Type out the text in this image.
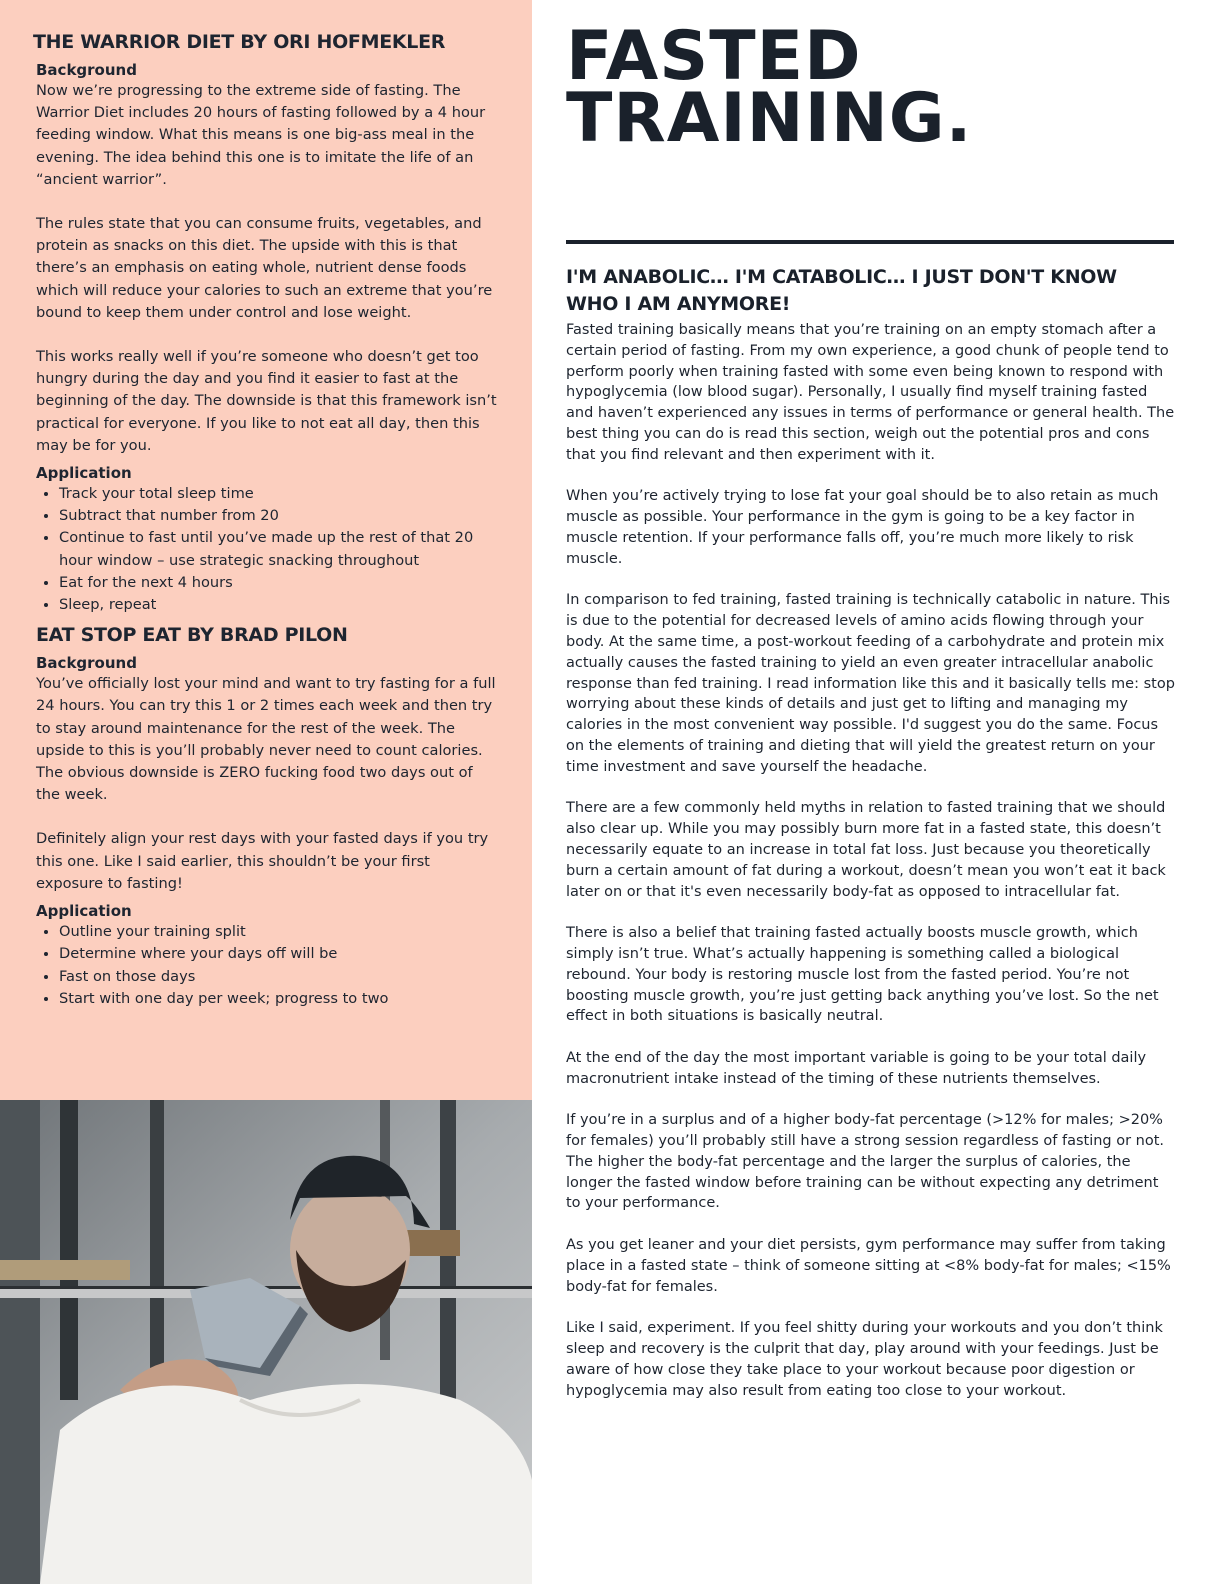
THE WARRIOR DIET BY ORI HOFMEKLER
Background

Now we’re progressing to the extreme side of fasting. The Warrior Diet includes 20 hours of fasting followed by a 4 hour feeding window. What this means is one big-ass meal in the evening. The idea behind this one is to imitate the life of an “ancient warrior”.

The rules state that you can consume fruits, vegetables, and protein as snacks on this diet. The upside with this is that there’s an emphasis on eating whole, nutrient dense foods which will reduce your calories to such an extreme that you’re bound to keep them under control and lose weight.

This works really well if you’re someone who doesn’t get too hungry during the day and you find it easier to fast at the beginning of the day. The downside is that this framework isn’t practical for everyone. If you like to not eat all day, then this may be for you.

Application
• Track your total sleep time
• Subtract that number from 20
• Continue to fast until you’ve made up the rest of that 20 hour window – use strategic snacking throughout
• Eat for the next 4 hours
• Sleep, repeat
EAT STOP EAT BY BRAD PILON
Background

You’ve officially lost your mind and want to try fasting for a full 24 hours. You can try this 1 or 2 times each week and then try to stay around maintenance for the rest of the week. The upside to this is you’ll probably never need to count calories. The obvious downside is ZERO fucking food two days out of the week.

Definitely align your rest days with your fasted days if you try this one. Like I said earlier, this shouldn’t be your first exposure to fasting!

Application
• Outline your training split
• Determine where your days off will be
• Fast on those days
• Start with one day per week; progress to two
FASTED
TRAINING.
I'M ANABOLIC… I'M CATABOLIC… I JUST DON'T KNOW WHO I AM ANYMORE!

Fasted training basically means that you’re training on an empty stomach after a certain period of fasting. From my own experience, a good chunk of people tend to perform poorly when training fasted with some even being known to respond with hypoglycemia (low blood sugar). Personally, I usually find myself training fasted and haven’t experienced any issues in terms of performance or general health. The best thing you can do is read this section, weigh out the potential pros and cons that you find relevant and then experiment with it.

When you’re actively trying to lose fat your goal should be to also retain as much muscle as possible. Your performance in the gym is going to be a key factor in muscle retention. If your performance falls off, you’re much more likely to risk muscle.

In comparison to fed training, fasted training is technically catabolic in nature. This is due to the potential for decreased levels of amino acids flowing through your body. At the same time, a post-workout feeding of a carbohydrate and protein mix actually causes the fasted training to yield an even greater intracellular anabolic response than fed training. I read information like this and it basically tells me: stop worrying about these kinds of details and just get to lifting and managing my calories in the most convenient way possible. I'd suggest you do the same. Focus on the elements of training and dieting that will yield the greatest return on your time investment and save yourself the headache.

There are a few commonly held myths in relation to fasted training that we should also clear up. While you may possibly burn more fat in a fasted state, this doesn’t necessarily equate to an increase in total fat loss. Just because you theoretically burn a certain amount of fat during a workout, doesn’t mean you won’t eat it back later on or that it's even necessarily body-fat as opposed to intracellular fat.

There is also a belief that training fasted actually boosts muscle growth, which simply isn’t true. What’s actually happening is something called a biological rebound. Your body is restoring muscle lost from the fasted period. You’re not boosting muscle growth, you’re just getting back anything you’ve lost. So the net effect in both situations is basically neutral.

At the end of the day the most important variable is going to be your total daily macronutrient intake instead of the timing of these nutrients themselves.

If you’re in a surplus and of a higher body-fat percentage (>12% for males; >20% for females) you’ll probably still have a strong session regardless of fasting or not. The higher the body-fat percentage and the larger the surplus of calories, the longer the fasted window before training can be without expecting any detriment to your performance.

As you get leaner and your diet persists, gym performance may suffer from taking place in a fasted state – think of someone sitting at <8% body-fat for males; <15% body-fat for females.

Like I said, experiment. If you feel shitty during your workouts and you don’t think sleep and recovery is the culprit that day, play around with your feedings. Just be aware of how close they take place to your workout because poor digestion or hypoglycemia may also result from eating too close to your workout.
